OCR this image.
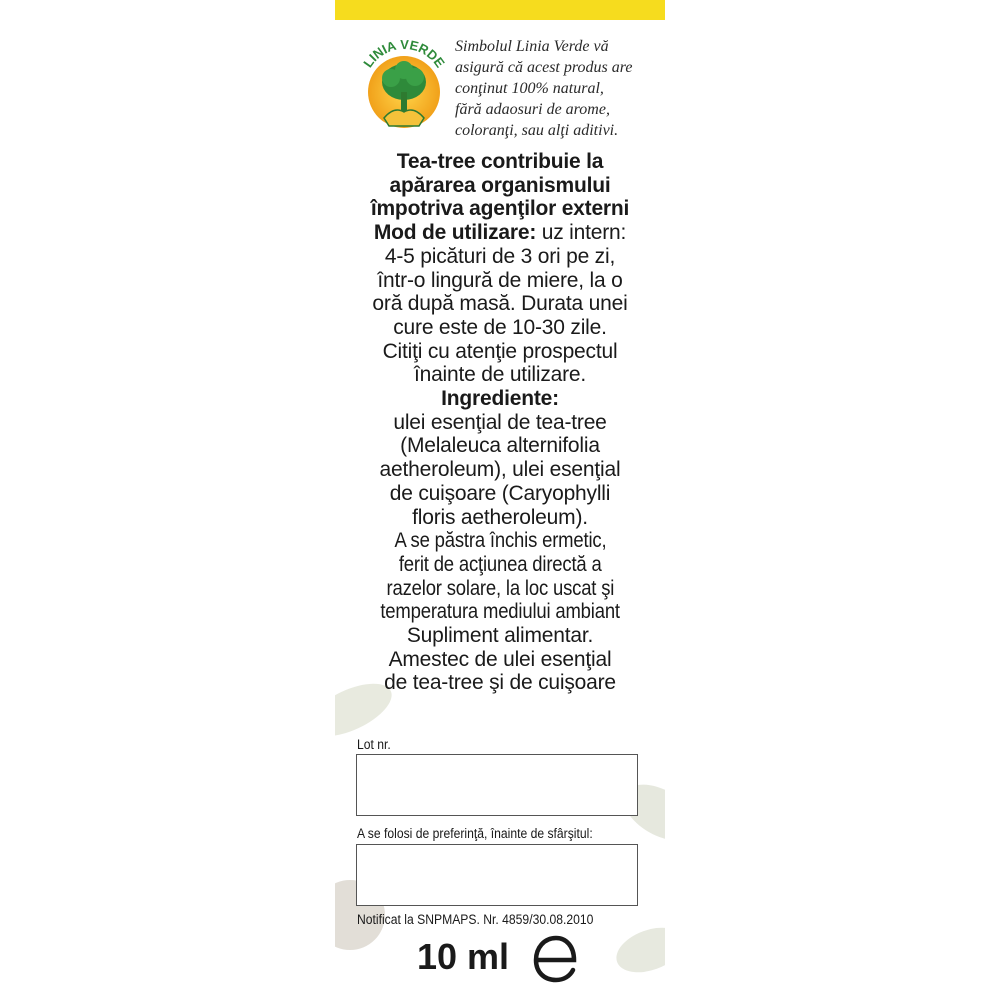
LINIA VERDE
Simbolul Linia Verde vă
asigură că acest produs are
conţinut 100% natural,
fără adaosuri de arome,
coloranţi, sau alţi aditivi.
Tea-tree contribuie la
apărarea organismului
împotriva agenţilor externi
Mod de utilizare: uz intern:
4-5 picături de 3 ori pe zi,
într-o lingură de miere, la o
oră după masă. Durata unei
cure este de 10-30 zile.
Citiţi cu atenţie prospectul
înainte de utilizare.
Ingrediente:
ulei esenţial de tea-tree
(Melaleuca alternifolia
aetheroleum), ulei esenţial
de cuişoare (Caryophylli
floris aetheroleum).
A se păstra închis ermetic,
ferit de acţiunea directă a
razelor solare, la loc uscat şi
temperatura mediului ambiant
Supliment alimentar.
Amestec de ulei esenţial
de tea-tree şi de cuişoare
Lot nr.
A se folosi de preferinţă, înainte de sfârşitul:
Notificat la SNPMAPS. Nr. 4859/30.08.2010
10 ml
